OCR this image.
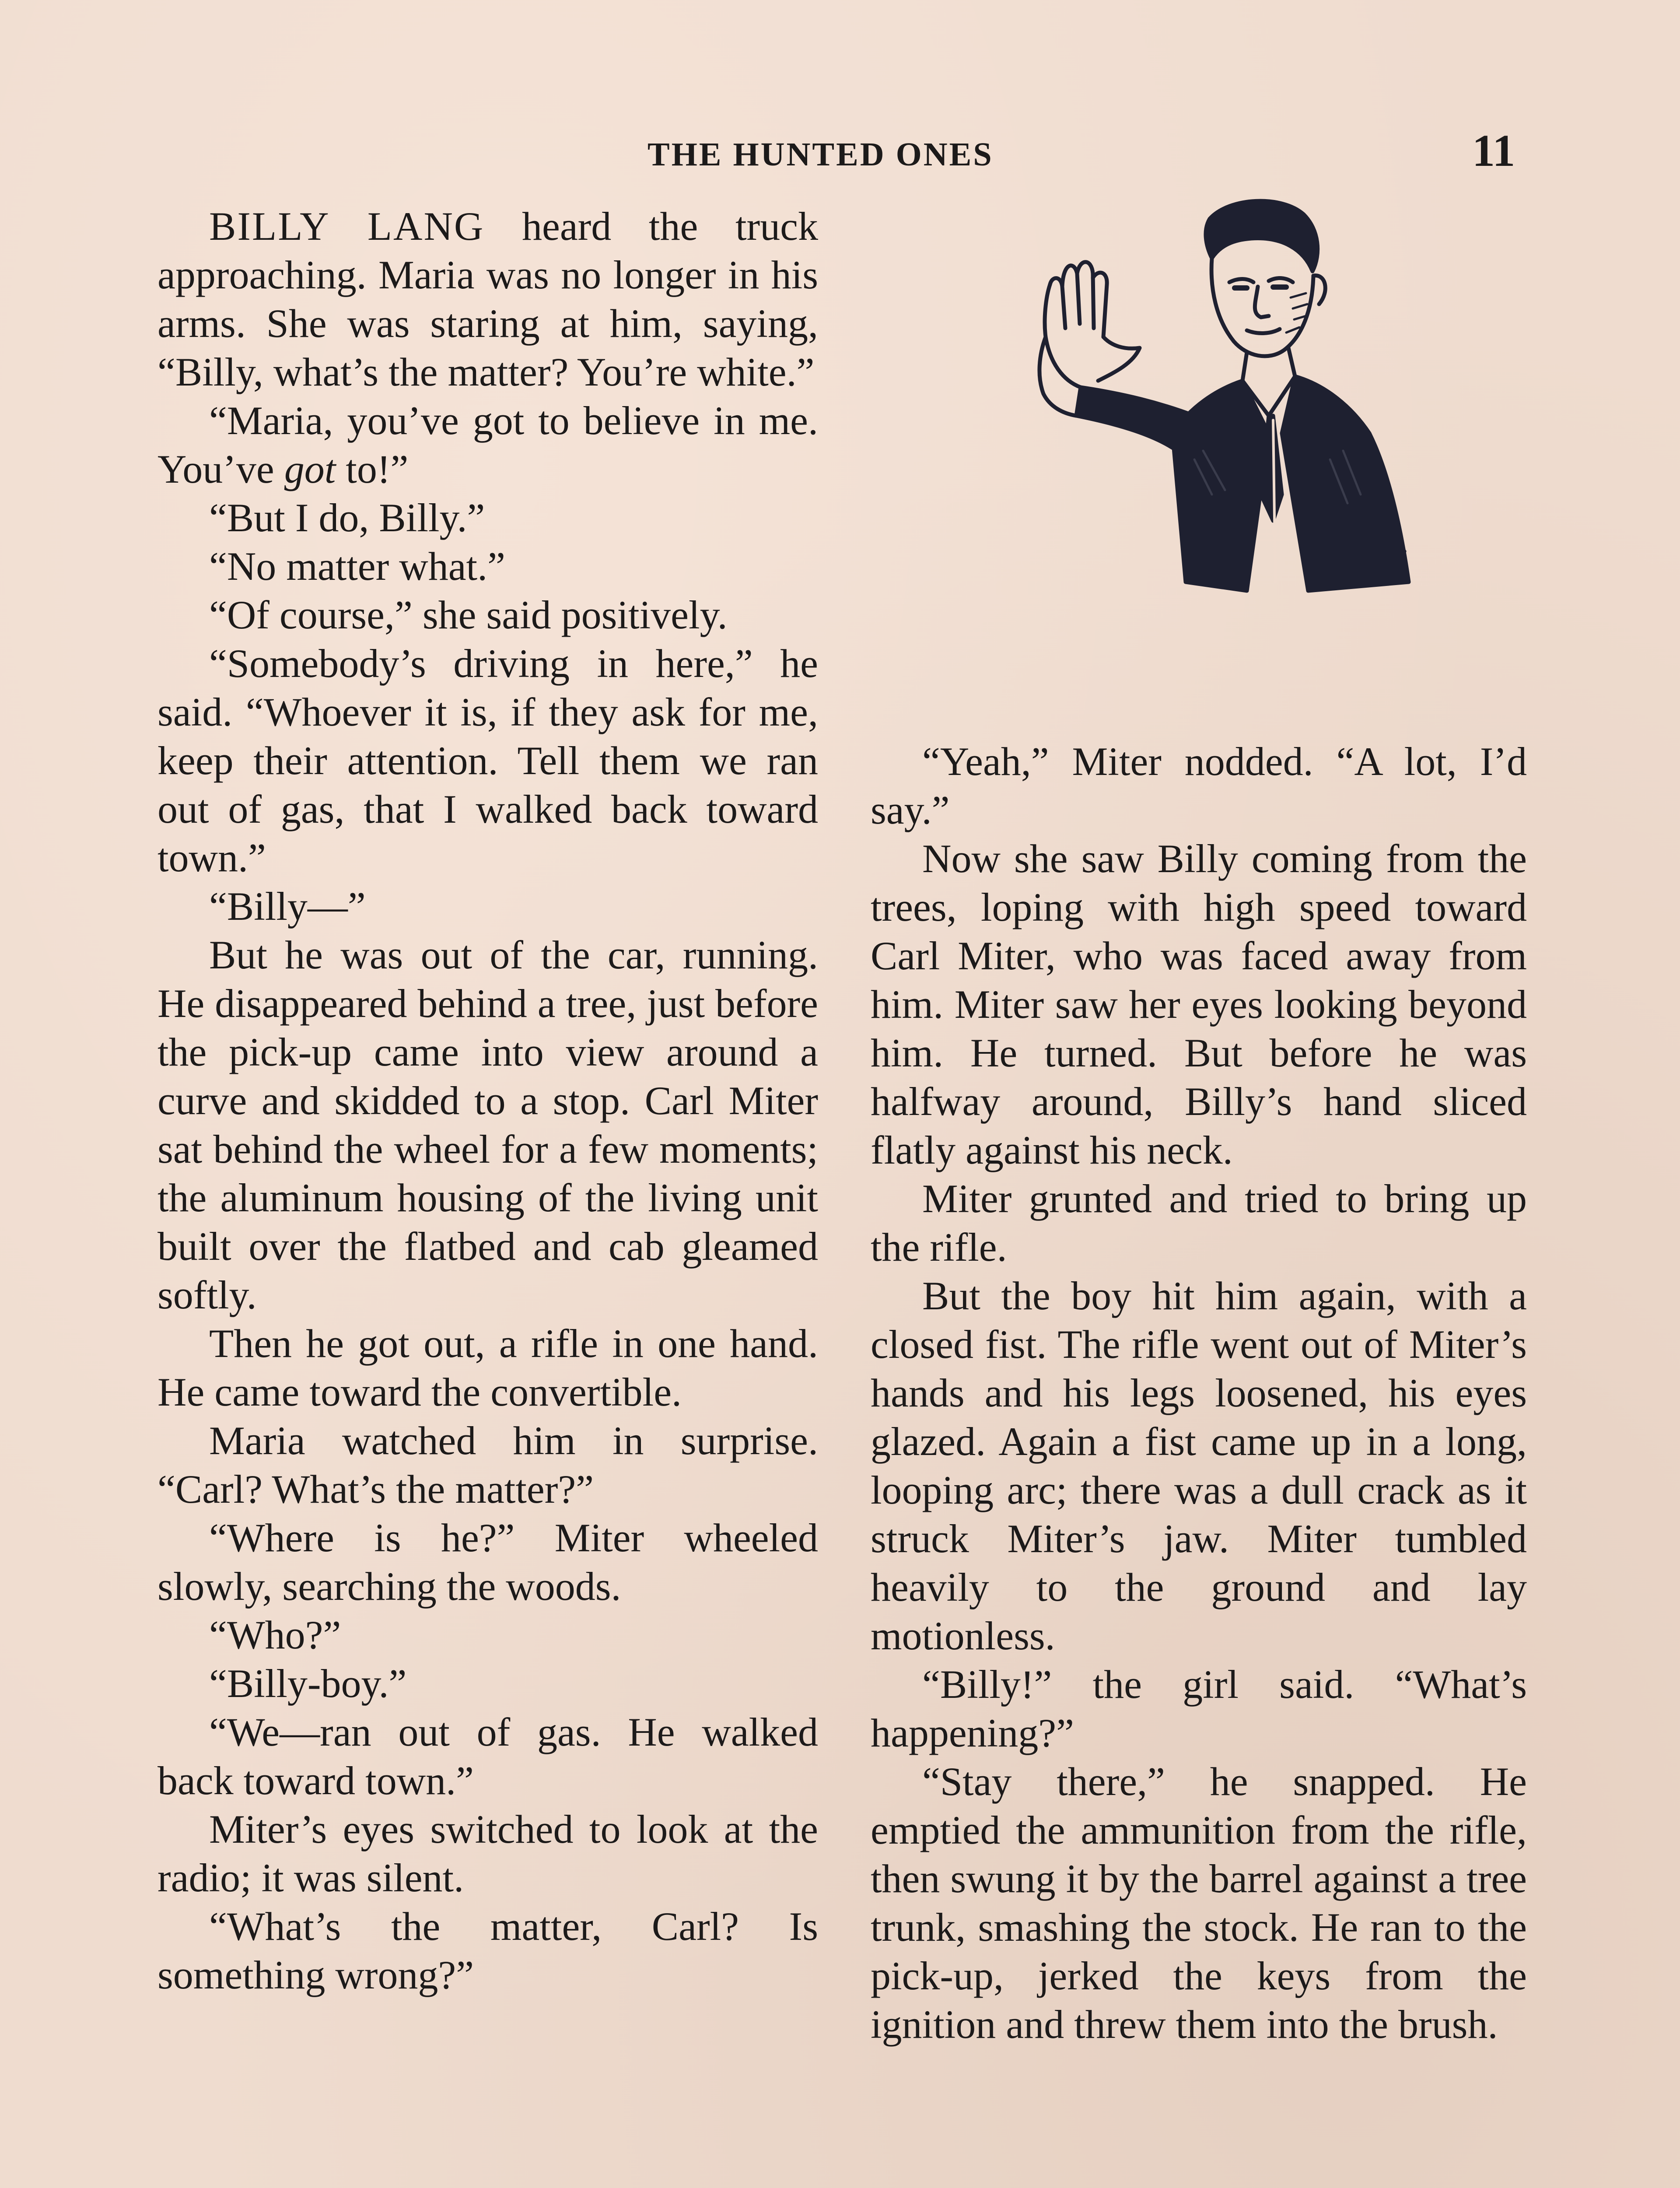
THE HUNTED ONES	11

BILLY LANG heard the truck approaching. Maria was no longer in his arms. She was staring at him, saying, “Billy, what’s the matter? You’re white.”

“Maria, you’ve got to believe in me. You’ve got to!”

“But I do, Billy.”

“No matter what.”

“Of course,” she said positively.

“Somebody’s driving in here,” he said. “Whoever it is, if they ask for me, keep their attention. Tell them we ran out of gas, that I walked back toward town.”

“Billy—”

But he was out of the car, running. He disappeared behind a tree, just before the pick-up came into view around a curve and skidded to a stop. Carl Miter sat behind the wheel for a few moments; the aluminum housing of the living unit built over the flatbed and cab gleamed softly.

Then he got out, a rifle in one hand. He came toward the convertible.

Maria watched him in surprise. “Carl? What’s the matter?”

“Where is he?” Miter wheeled slowly, searching the woods.

“Who?”

“Billy-boy.”

“We—ran out of gas. He walked back toward town.”

Miter’s eyes switched to look at the radio; it was silent.

“What’s the matter, Carl? Is something wrong?”

“Yeah,” Miter nodded. “A lot, I’d say.”

Now she saw Billy coming from the trees, loping with high speed toward Carl Miter, who was faced away from him. Miter saw her eyes looking beyond him. He turned. But before he was halfway around, Billy’s hand sliced flatly against his neck.

Miter grunted and tried to bring up the rifle.

But the boy hit him again, with a closed fist. The rifle went out of Miter’s hands and his legs loosened, his eyes glazed. Again a fist came up in a long, looping arc; there was a dull crack as it struck Miter’s jaw. Miter tumbled heavily to the ground and lay motionless.

“Billy!” the girl said. “What’s happening?”

“Stay there,” he snapped. He emptied the ammunition from the rifle, then swung it by the barrel against a tree trunk, smashing the stock. He ran to the pick-up, jerked the keys from the ignition and threw them into the brush.
